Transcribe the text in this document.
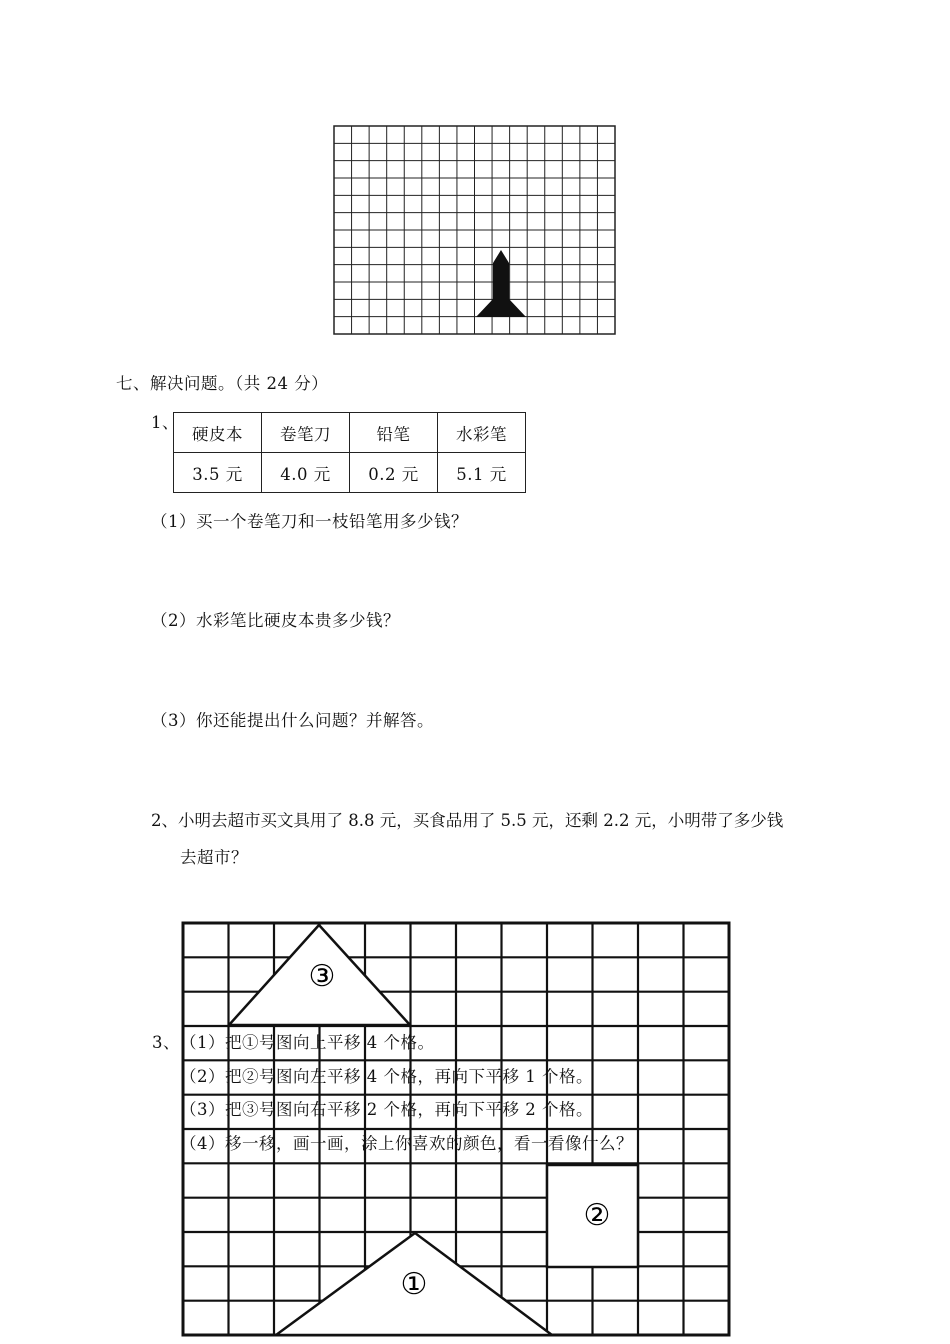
③
②
①
七、解决问题。（共 24 分）
1、
硬皮本	卷笔刀	铅笔	水彩笔
3.5 元	4.0 元	0.2 元	5.1 元
（1）买一个卷笔刀和一枝铅笔用多少钱？
（2）水彩笔比硬皮本贵多少钱？
（3）你还能提出什么问题？并解答。
2、小明去超市买文具用了 8.8 元，买食品用了 5.5 元，还剩 2.2 元，小明带了多少钱
去超市？
3、 （1）把①号图向上平移 4 个格。
（2）把②号图向左平移 4 个格，再向下平移 1 个格。
（3）把③号图向右平移 2 个格，再向下平移 2 个格。
（4）移一移，画一画，涂上你喜欢的颜色，看一看像什么？
